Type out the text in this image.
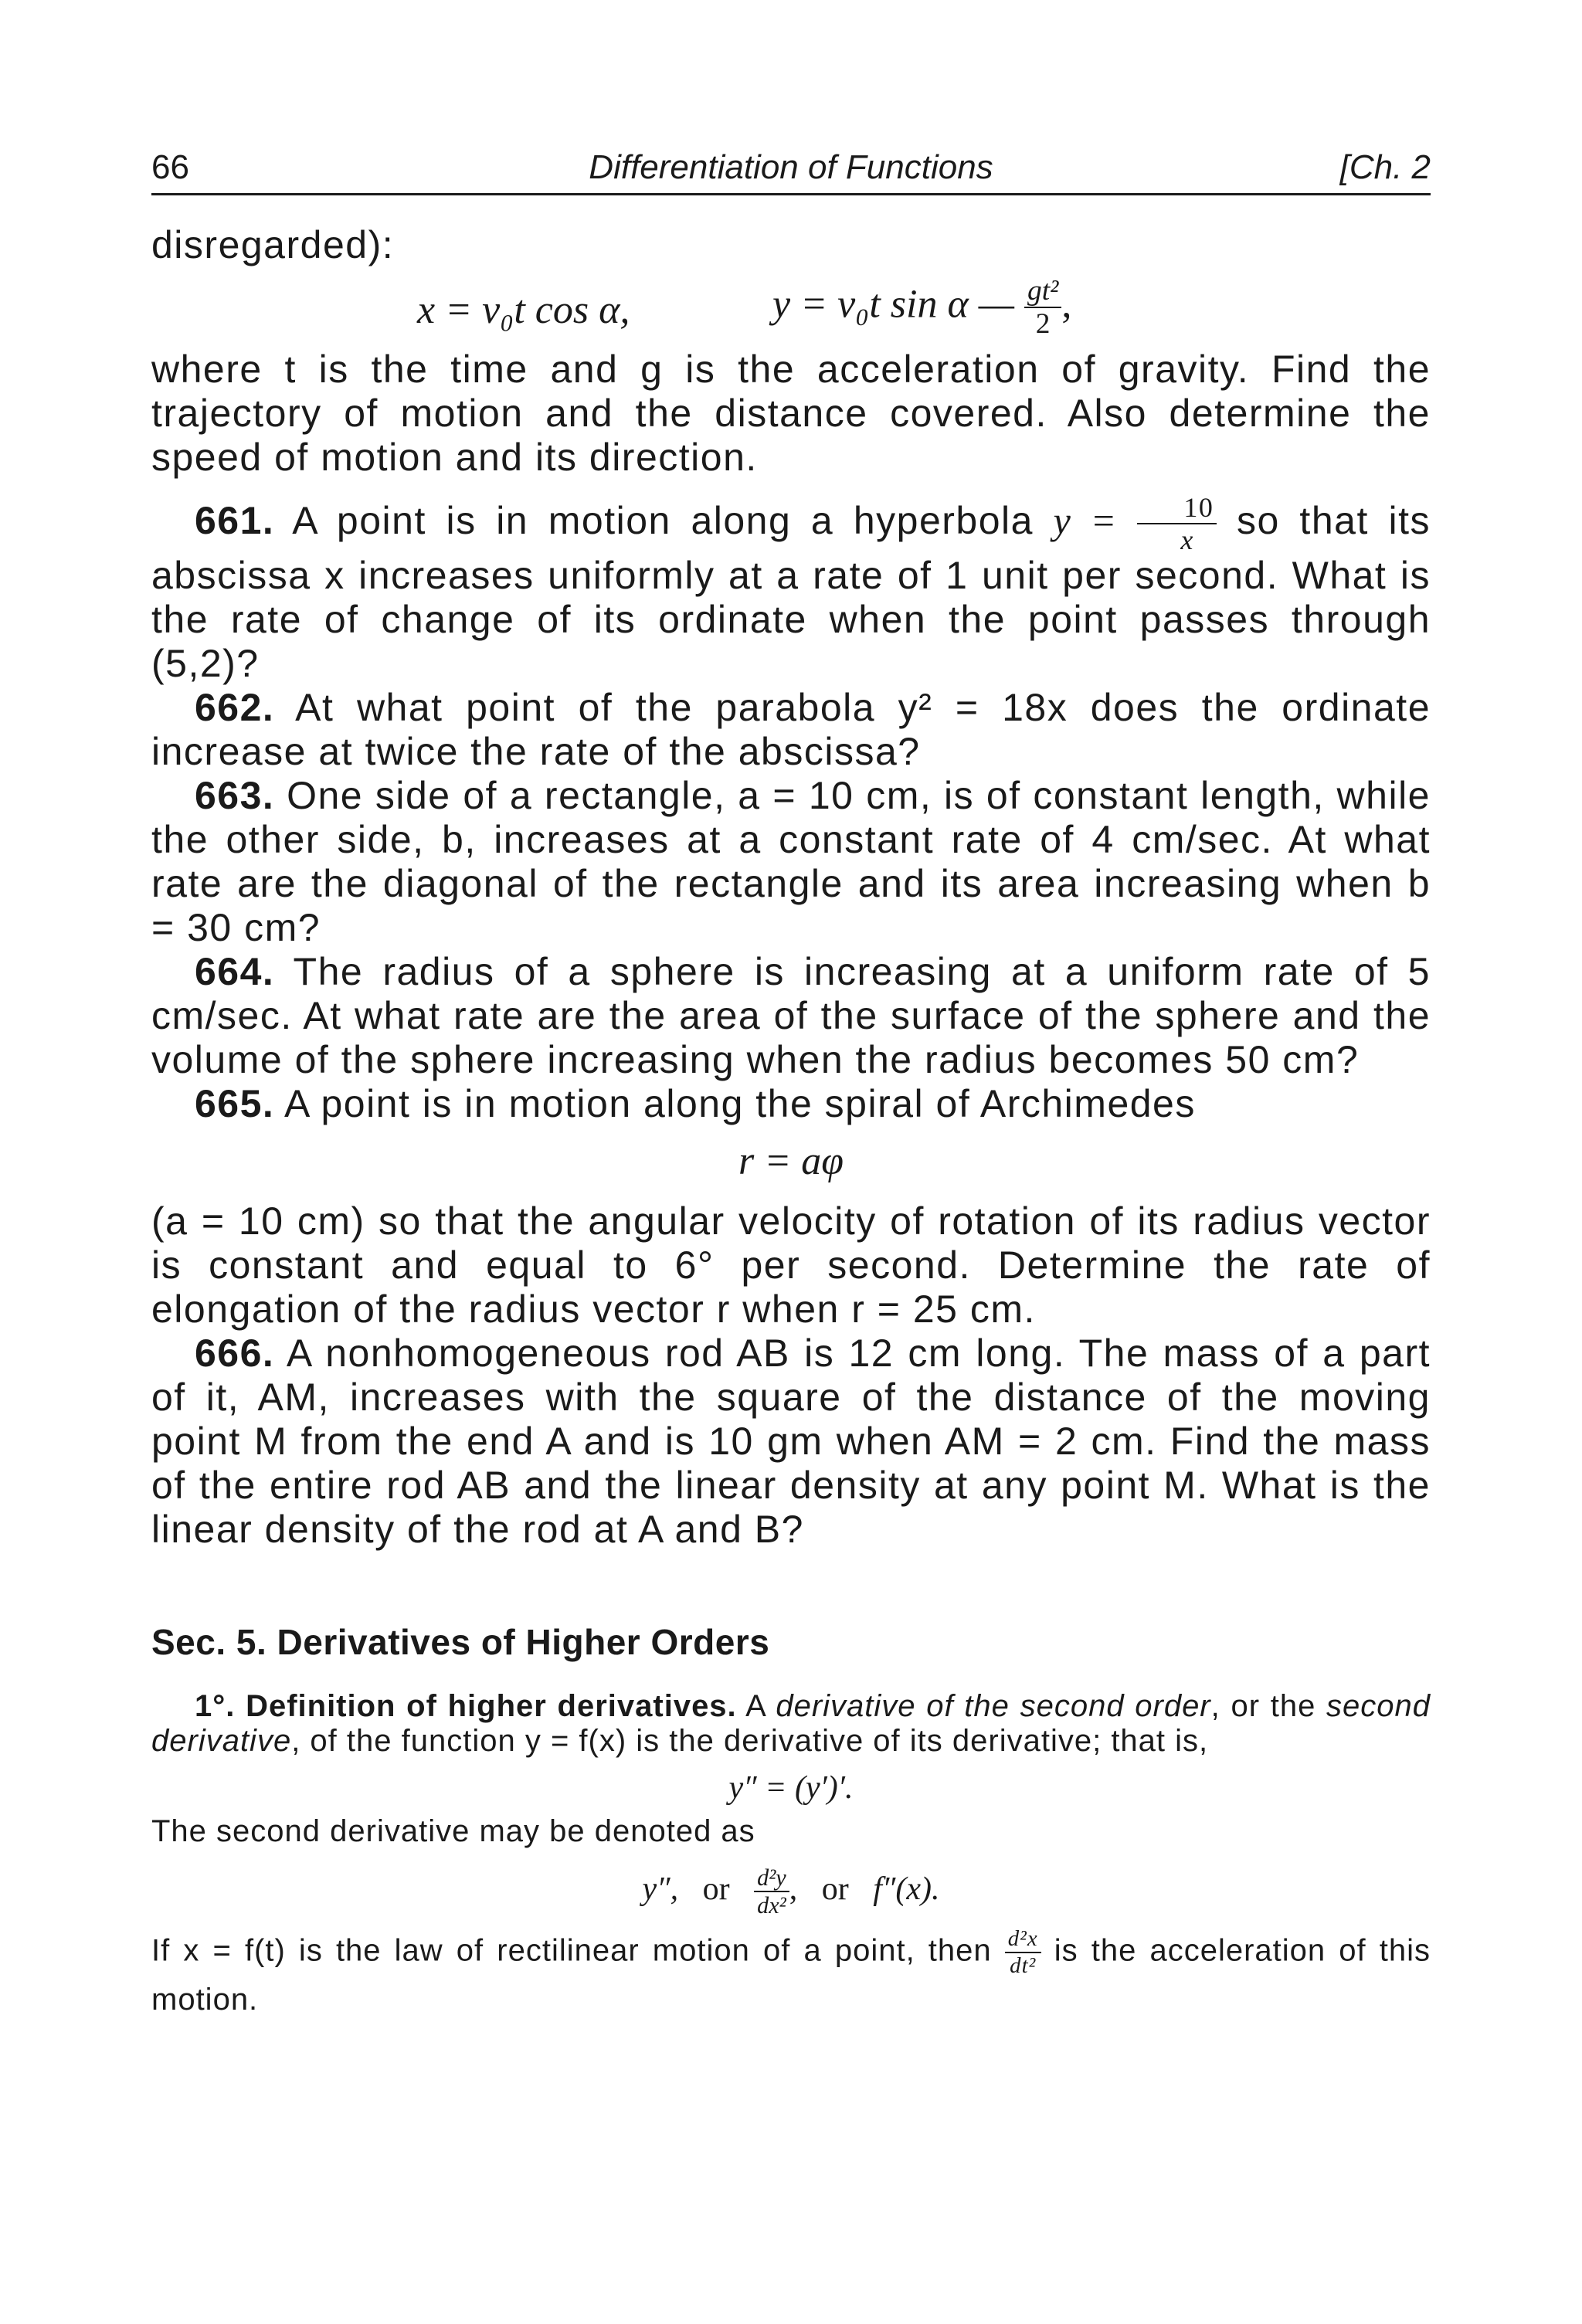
66	Differentiation of Functions	[Ch. 2

disregarded):

x = v₀t cos α,	y = v₀t sin α — $\frac{\text{gt²}}{2}$ ,

where t is the time and g is the acceleration of gravity. Find the trajectory of motion and the distance covered. Also determine the speed of motion and its direction.

661. A point is in motion along a hyperbola $y = \frac{10}{x}$ so that its abscissa x increases uniformly at a rate of 1 unit per second. What is the rate of change of its ordinate when the point passes through (5,2)?

662. At what point of the parabola y² = 18x does the ordinate increase at twice the rate of the abscissa?

663. One side of a rectangle, a = 10 cm, is of constant length, while the other side, b, increases at a constant rate of 4 cm/sec. At what rate are the diagonal of the rectangle and its area increasing when b = 30 cm?

664. The radius of a sphere is increasing at a uniform rate of 5 cm/sec. At what rate are the area of the surface of the sphere and the volume of the sphere increasing when the radius becomes 50 cm?

665. A point is in motion along the spiral of Archimedes

r = aφ

(a = 10 cm) so that the angular velocity of rotation of its radius vector is constant and equal to 6° per second. Determine the rate of elongation of the radius vector r when r = 25 cm.

666. A nonhomogeneous rod AB is 12 cm long. The mass of a part of it, AM, increases with the square of the distance of the moving point M from the end A and is 10 gm when AM = 2 cm. Find the mass of the entire rod AB and the linear density at any point M. What is the linear density of the rod at A and B?

Sec. 5. Derivatives of Higher Orders

1°. Definition of higher derivatives. A derivative of the second order, or the second derivative, of the function y = f(x) is the derivative of its derivative; that is,

y″ = (y′)′.

The second derivative may be denoted as

y″, or $\frac{\text{d²y}}{\text{dx²}}$ , or f″(x).

If x = f(t) is the law of rectilinear motion of a point, then $\frac{\text{d²x}}{\text{dt²}}$ is the acceleration of this motion.
